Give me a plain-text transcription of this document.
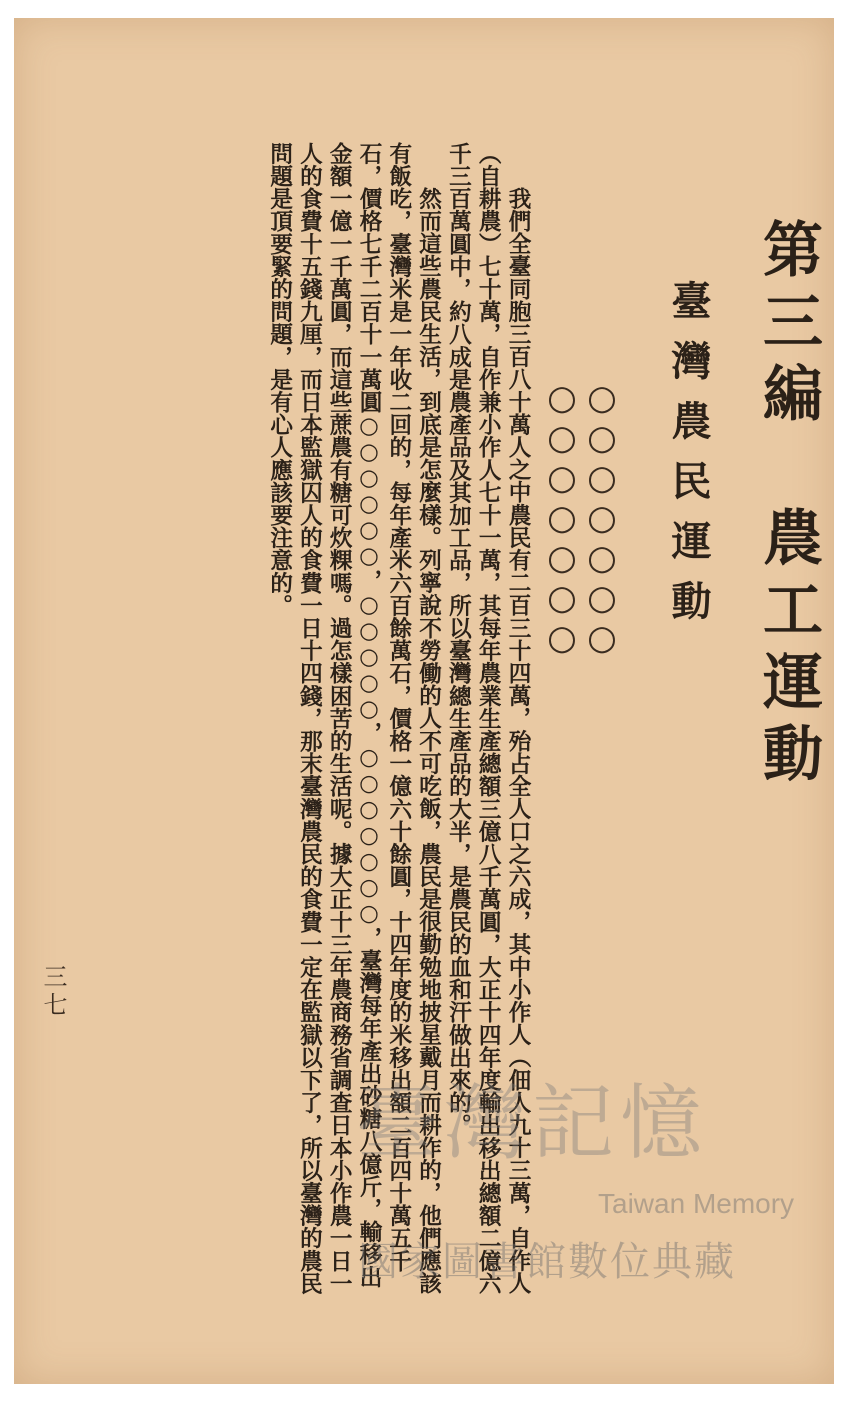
第三編　農工運動
臺灣農民運動
○○○○○○○
○○○○○○○

我們全臺同胞三百八十萬人之中農民有二百三十四萬，殆占全人口之六成，其中小作人（佃人九十三萬，自作人（自耕農）七十萬，自作兼小作人七十一萬，其每年農業生產總額三億八千萬圓，大正十四年度輸出移出總額二億六千三百萬圓中，約八成是農產品及其加工品，所以臺灣總生產品的大半，是農民的血和汗做出來的。

然而這些農民生活，到底是怎麼樣。列寧說不勞働的人不可吃飯，農民是很勤勉地披星戴月而耕作的，他們應該有飯吃，臺灣米是一年收二回的，每年產米六百餘萬石，價格一億六十餘圓，十四年度的米移出額二百四十萬五千石，價格七千二百十一萬圓○○○○○○，○○○○○，○○○○○○○，臺灣每年產出砂糖八億斤，輸移出金額一億一千萬圓，而這些蔗農有糖可炊粿嗎。過怎樣困苦的生活呢。據大正十三年農商務省調查日本小作農一日一人的食費十五錢九厘，而日本監獄囚人的食費一日十四錢，那末臺灣農民的食費一定在監獄以下了，所以臺灣的農民問題是頂要緊的問題，是有心人應該要注意的。

三七
臺灣記憶
Taiwan Memory
國家圖書館數位典藏
